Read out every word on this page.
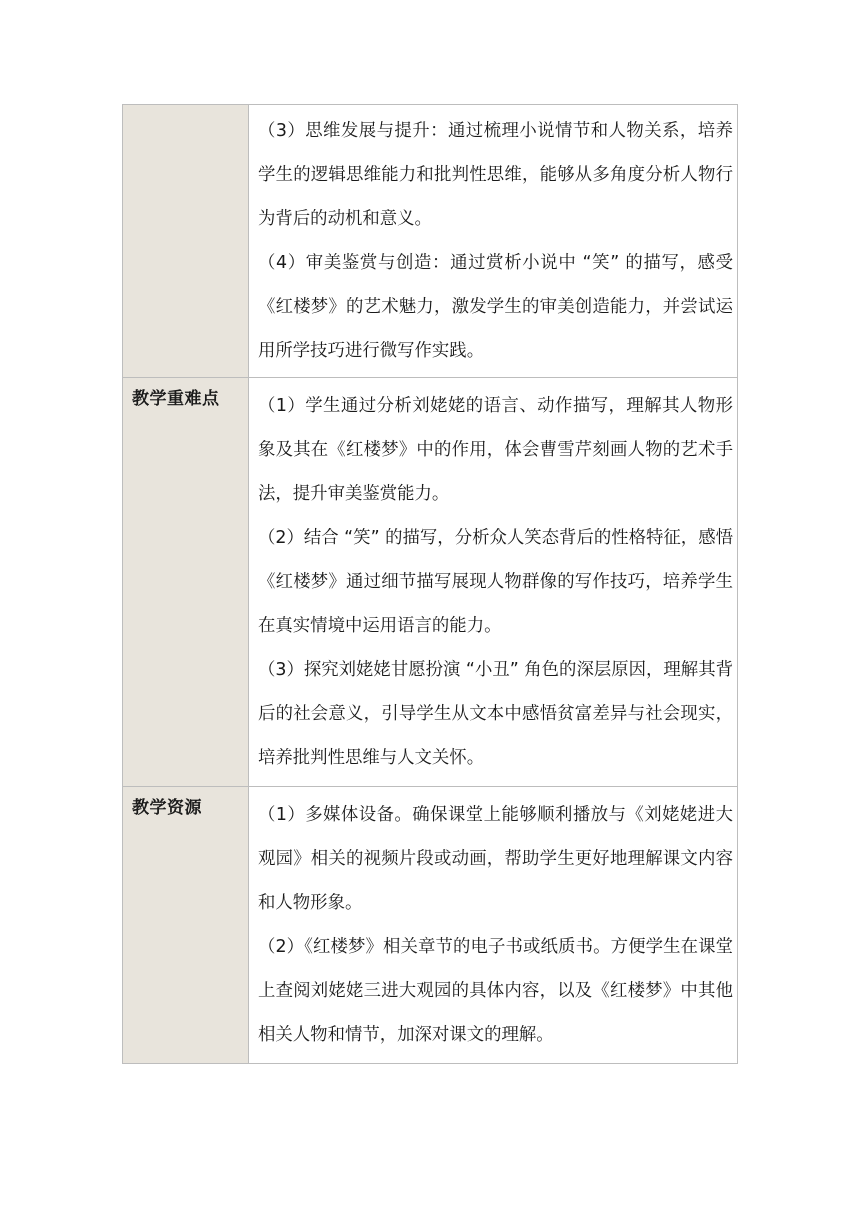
	（3）思维发展与提升：通过梳理小说情节和人物关系，培养学生的逻辑思维能力和批判性思维，能够从多角度分析人物行为背后的动机和意义。

（4）审美鉴赏与创造：通过赏析小说中 “笑” 的描写，感受《红楼梦》的艺术魅力，激发学生的审美创造能力，并尝试运用所学技巧进行微写作实践。

教学重难点	（1）学生通过分析刘姥姥的语言、动作描写，理解其人物形象及其在《红楼梦》中的作用，体会曹雪芹刻画人物的艺术手法，提升审美鉴赏能力。

（2）结合 “笑” 的描写，分析众人笑态背后的性格特征，感悟《红楼梦》通过细节描写展现人物群像的写作技巧，培养学生在真实情境中运用语言的能力。

（3）探究刘姥姥甘愿扮演 “小丑” 角色的深层原因，理解其背后的社会意义，引导学生从文本中感悟贫富差异与社会现实，培养批判性思维与人文关怀。

教学资源	（1）多媒体设备。确保课堂上能够顺利播放与《刘姥姥进大观园》相关的视频片段或动画，帮助学生更好地理解课文内容和人物形象。

（2）《红楼梦》相关章节的电子书或纸质书。方便学生在课堂上查阅刘姥姥三进大观园的具体内容，以及《红楼梦》中其他相关人物和情节，加深对课文的理解。
